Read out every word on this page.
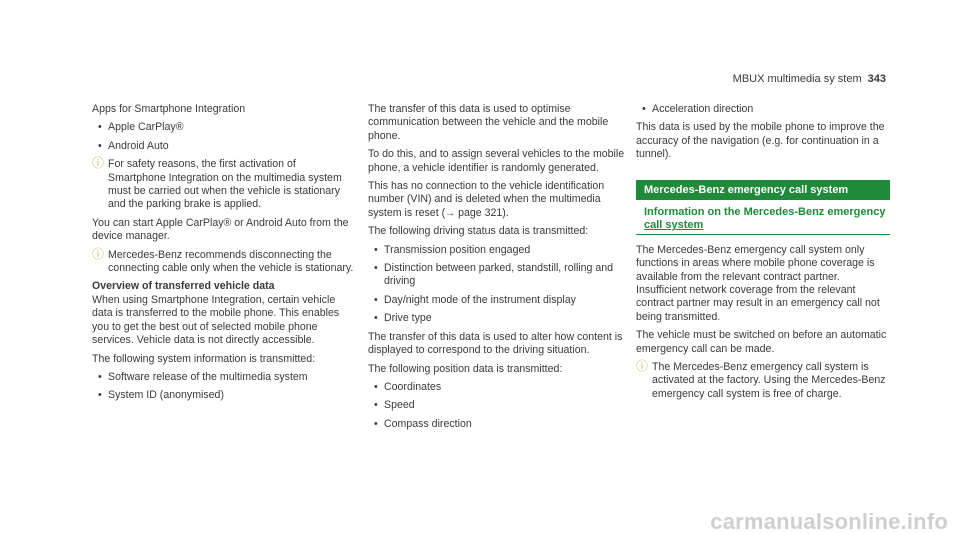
MBUX multimedia sy stem 343

Apps for Smartphone Integration

• Apple CarPlay®
• Android Auto
ⓘ For safety reasons, the first activation of Smartphone Integration on the multimedia system must be carried out when the vehicle is stationary and the parking brake is applied.

You can start Apple CarPlay® or Android Auto from the device manager.

ⓘ Mercedes-Benz recommends disconnecting the connecting cable only when the vehicle is stationary.

Overview of transferred vehicle data

When using Smartphone Integration, certain vehicle data is transferred to the mobile phone. This enables you to get the best out of selected mobile phone services. Vehicle data is not directly accessible.

The following system information is transmitted:

• Software release of the multimedia system
• System ID (anonymised)

The transfer of this data is used to optimise communication between the vehicle and the mobile phone.

To do this, and to assign several vehicles to the mobile phone, a vehicle identifier is randomly generated.

This has no connection to the vehicle identification number (VIN) and is deleted when the multimedia system is reset (→ page 321).

The following driving status data is transmitted:

• Transmission position engaged
• Distinction between parked, standstill, rolling and driving
• Day/night mode of the instrument display
• Drive type

The transfer of this data is used to alter how content is displayed to correspond to the driving situation.

The following position data is transmitted:

• Coordinates
• Speed
• Compass direction
• Acceleration direction

This data is used by the mobile phone to improve the accuracy of the navigation (e.g. for continuation in a tunnel).

Mercedes-Benz emergency call system
Information on the Mercedes-Benz emergency
call system

The Mercedes-Benz emergency call system only functions in areas where mobile phone coverage is available from the relevant contract partner. Insufficient network coverage from the relevant contract partner may result in an emergency call not being transmitted.

The vehicle must be switched on before an automatic emergency call can be made.

ⓘ The Mercedes-Benz emergency call system is activated at the factory. Using the Mercedes-Benz emergency call system is free of charge.
carmanualsonline.info
